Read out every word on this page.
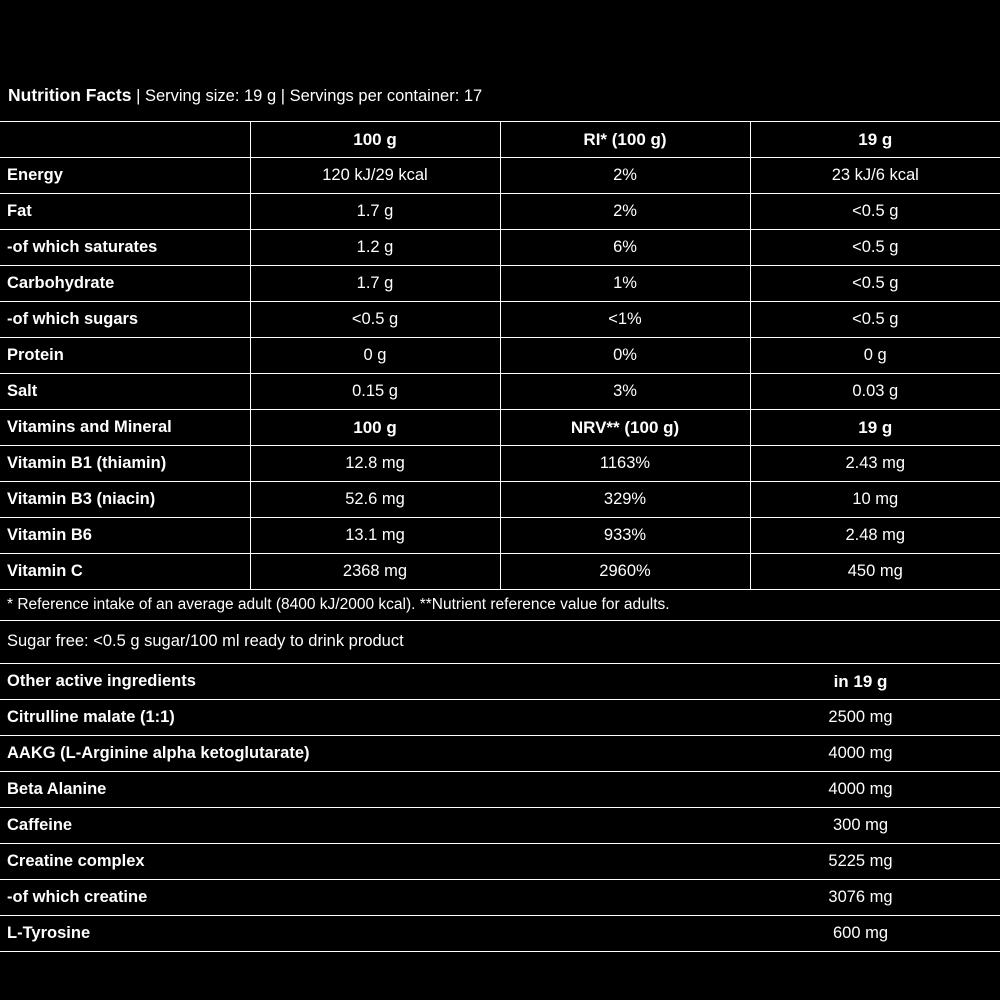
Nutrition Facts | Serving size: 19 g | Servings per container: 17			
	100 g	RI* (100 g)	19 g
Energy	120 kJ/29 kcal	2%	23 kJ/6 kcal
Fat	1.7 g	2%	<0.5 g
-of which saturates	1.2 g	6%	<0.5 g
Carbohydrate	1.7 g	1%	<0.5 g
-of which sugars	<0.5 g	<1%	<0.5 g
Protein	0 g	0%	0 g
Salt	0.15 g	3%	0.03 g
Vitamins and Mineral	100 g	NRV** (100 g)	19 g
Vitamin B1 (thiamin)	12.8 mg	1163%	2.43 mg
Vitamin B3 (niacin)	52.6 mg	329%	10 mg
Vitamin B6	13.1 mg	933%	2.48 mg
Vitamin C	2368 mg	2960%	450 mg
* Reference intake of an average adult (8400 kJ/2000 kcal). **Nutrient reference value for adults.			
Sugar free: <0.5 g sugar/100 ml ready to drink product			
Other active ingredients	in 19 g
Citrulline malate (1:1)	2500 mg
AAKG (L-Arginine alpha ketoglutarate)	4000 mg
Beta Alanine	4000 mg
Caffeine	300 mg
Creatine complex	5225 mg
-of which creatine	3076 mg
L-Tyrosine	600 mg
